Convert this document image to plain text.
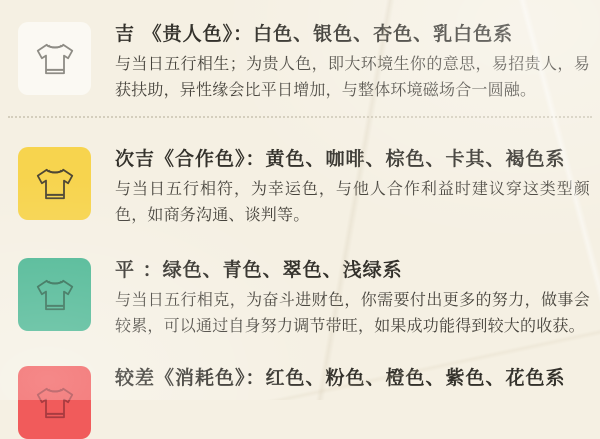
吉 《贵人色》：白色、银色、杏色、乳白色系
与当日五行相生；为贵人色，即大环境生你的意思，易招贵人，易获扶助，异性缘会比平日增加，与整体环境磁场合一圆融。
次吉《合作色》：黄色、咖啡、棕色、卡其、褐色系
与当日五行相符，为幸运色，与他人合作利益时建议穿这类型颜色，如商务沟通、谈判等。
平 ：绿色、青色、翠色、浅绿系
与当日五行相克，为奋斗进财色，你需要付出更多的努力，做事会较累，可以通过自身努力调节带旺，如果成功能得到较大的收获。
较差《消耗色》：红色、粉色、橙色、紫色、花色系
